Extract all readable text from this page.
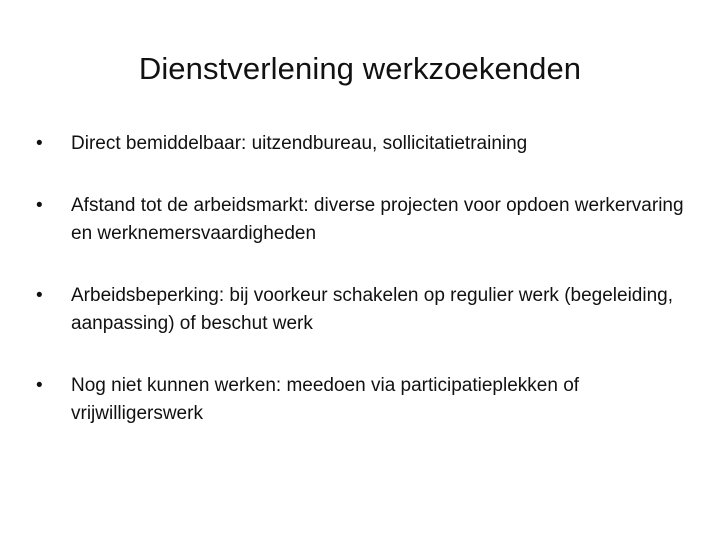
Dienstverlening werkzoekenden
• Direct bemiddelbaar: uitzendbureau, sollicitatietraining
• Afstand tot de arbeidsmarkt: diverse projecten voor opdoen werkervaring en werknemersvaardigheden
• Arbeidsbeperking: bij voorkeur schakelen op regulier werk (begeleiding, aanpassing) of beschut werk
• Nog niet kunnen werken: meedoen via participatieplekken of vrijwilligerswerk
